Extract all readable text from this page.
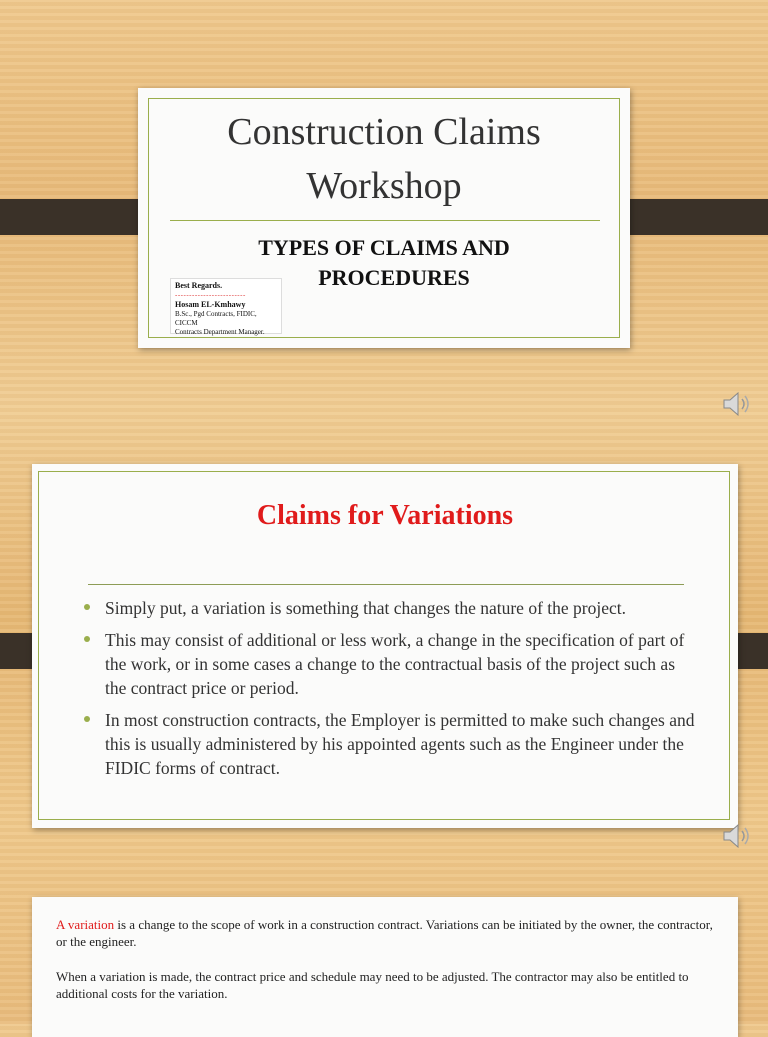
Construction Claims
Workshop
TYPES OF CLAIMS AND
PROCEDURES
Best Regards.
-------------------------
Hosam EL-Kmhawy
B.Sc., Pgd Contracts, FIDIC, CICCM
Contracts Department Manager.
Claims for Variations
Simply put, a variation is something that changes the nature of the project.
This may consist of additional or less work, a change in the specification of part of the work, or in some cases a change to the contractual basis of the project such as the contract price or period.
In most construction contracts, the Employer is permitted to make such changes and this is usually administered by his appointed agents such as the Engineer under the FIDIC forms of contract.
A variation is a change to the scope of work in a construction contract. Variations can be initiated by the owner, the contractor, or the engineer.
When a variation is made, the contract price and schedule may need to be adjusted. The contractor may also be entitled to additional costs for the variation.
